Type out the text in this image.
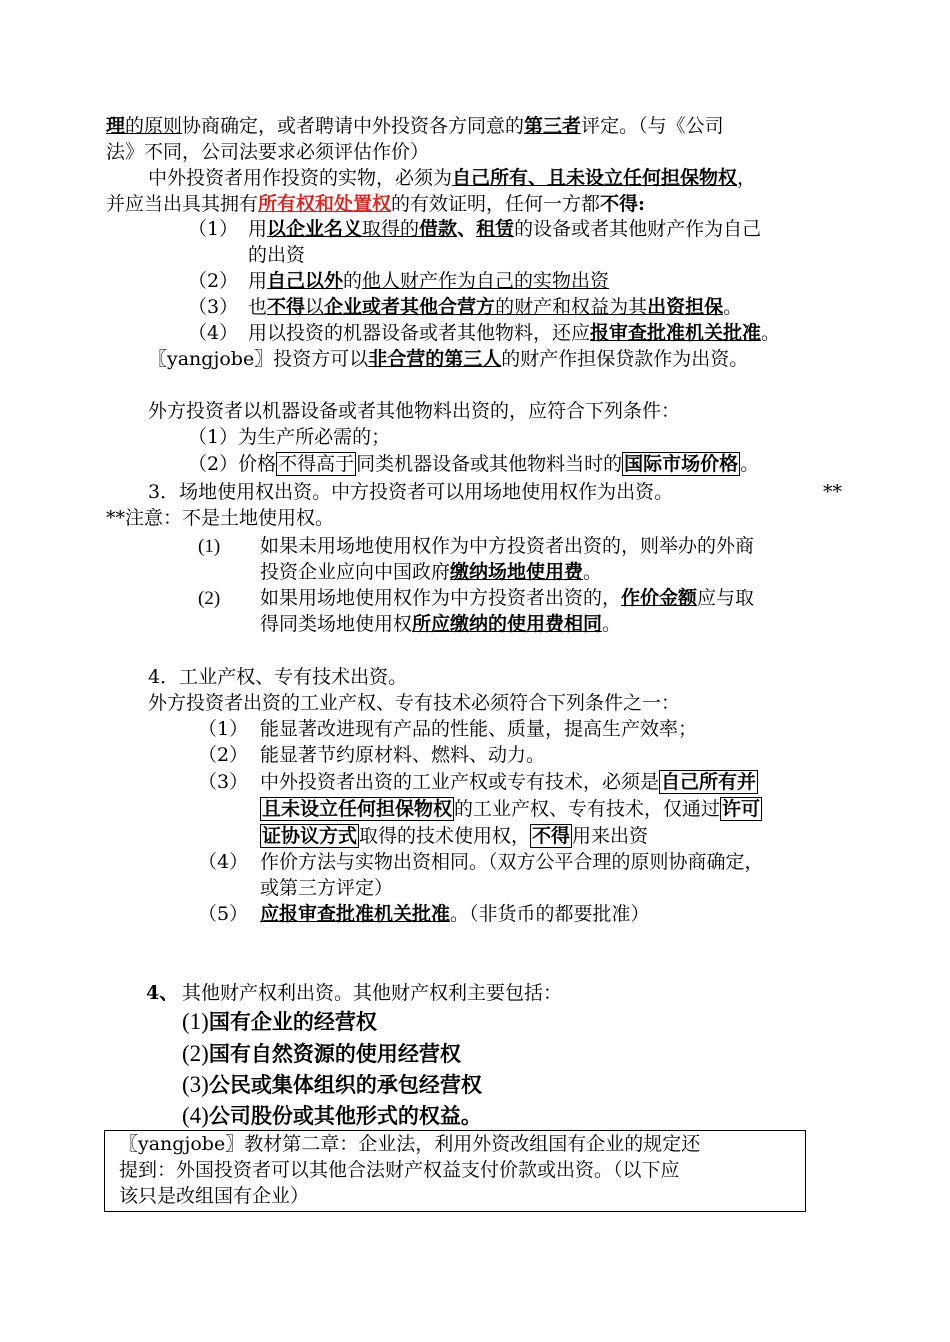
理的原则协商确定，或者聘请中外投资各方同意的第三者评定。（与《公司
法》不同，公司法要求必须评估作价）
中外投资者用作投资的实物，必须为自己所有、且未设立任何担保物权，
并应当出具其拥有所有权和处置权的有效证明，任何一方都不得:
（1） 用以企业名义取得的借款、租赁的设备或者其他财产作为自己
的出资
（2） 用自己以外的他人财产作为自己的实物出资
（3） 也不得以企业或者其他合营方的财产和权益为其出资担保。
（4） 用以投资的机器设备或者其他物料，还应报审查批准机关批准。
〖yangjobe〗投资方可以非合营的第三人的财产作担保贷款作为出资。
外方投资者以机器设备或者其他物料出资的，应符合下列条件：
（1）为生产所必需的；
（2）价格 不得高于 同类机器设备或其他物料当时的 国际市场价格 。
3．场地使用权出资。中方投资者可以用场地使用权作为出资。	**
**注意：不是土地使用权。
(1) 如果未用场地使用权作为中方投资者出资的，则举办的外商
投资企业应向中国政府缴纳场地使用费。
(2) 如果用场地使用权作为中方投资者出资的，作价金额应与取
得同类场地使用权所应缴纳的使用费相同。
4．工业产权、专有技术出资。
外方投资者出资的工业产权、专有技术必须符合下列条件之一：
（1） 能显著改进现有产品的性能、质量，提高生产效率；
（2） 能显著节约原材料、燃料、动力。
（3） 中外投资者出资的工业产权或专有技术，必须是 自己所有并
且未设立任何担保物权 的工业产权、专有技术，仅通过 许可
证协议方式 取得的技术使用权， 不得 用来出资
（4） 作价方法与实物出资相同。（双方公平合理的原则协商确定，
或第三方评定）
（5） 应报审查批准机关批准。（非货币的都要批准）
4、 其他财产权利出资。其他财产权利主要包括：
(1)国有企业的经营权
(2)国有自然资源的使用经营权
(3)公民或集体组织的承包经营权
(4)公司股份或其他形式的权益。
〖yangjobe〗教材第二章：企业法，利用外资改组国有企业的规定还
提到：外国投资者可以其他合法财产权益支付价款或出资。（以下应
该只是改组国有企业）
